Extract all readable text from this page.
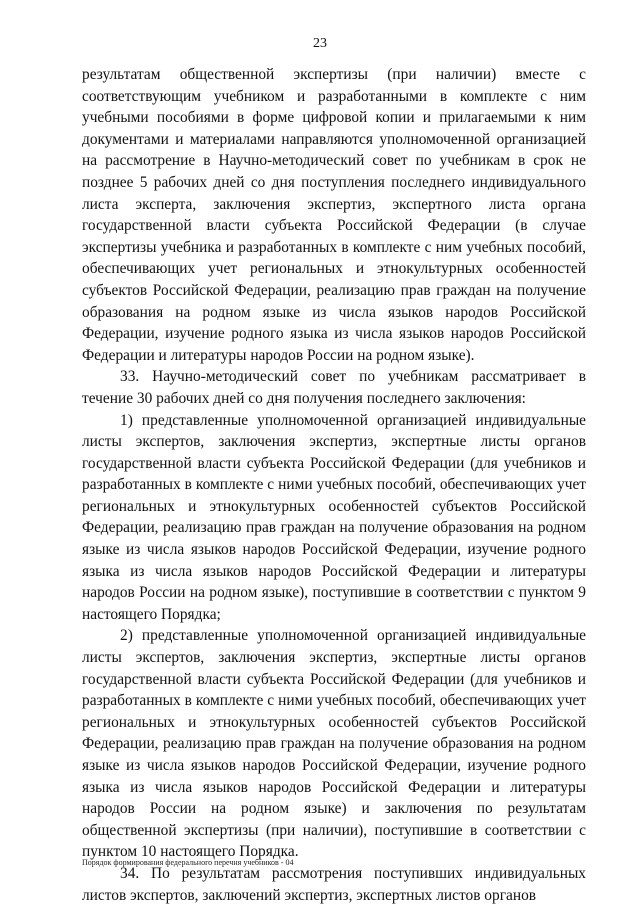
23

результатам общественной экспертизы (при наличии) вместе с соответствующим учебником и разработанными в комплекте с ним учебными пособиями в форме цифровой копии и прилагаемыми к ним документами и материалами направляются уполномоченной организацией на рассмотрение в Научно-методический совет по учебникам в срок не позднее 5 рабочих дней со дня поступления последнего индивидуального листа эксперта, заключения экспертиз, экспертного листа органа государственной власти субъекта Российской Федерации (в случае экспертизы учебника и разработанных в комплекте с ним учебных пособий, обеспечивающих учет региональных и этнокультурных особенностей субъектов Российской Федерации, реализацию прав граждан на получение образования на родном языке из числа языков народов Российской Федерации, изучение родного языка из числа языков народов Российской Федерации и литературы народов России на родном языке).

33. Научно-методический совет по учебникам рассматривает в течение 30 рабочих дней со дня получения последнего заключения:

1) представленные уполномоченной организацией индивидуальные листы экспертов, заключения экспертиз, экспертные листы органов государственной власти субъекта Российской Федерации (для учебников и разработанных в комплекте с ними учебных пособий, обеспечивающих учет региональных и этнокультурных особенностей субъектов Российской Федерации, реализацию прав граждан на получение образования на родном языке из числа языков народов Российской Федерации, изучение родного языка из числа языков народов Российской Федерации и литературы народов России на родном языке), поступившие в соответствии с пунктом 9 настоящего Порядка;

2) представленные уполномоченной организацией индивидуальные листы экспертов, заключения экспертиз, экспертные листы органов государственной власти субъекта Российской Федерации (для учебников и разработанных в комплекте с ними учебных пособий, обеспечивающих учет региональных и этнокультурных особенностей субъектов Российской Федерации, реализацию прав граждан на получение образования на родном языке из числа языков народов Российской Федерации, изучение родного языка из числа языков народов Российской Федерации и литературы народов России на родном языке) и заключения по результатам общественной экспертизы (при наличии), поступившие в соответствии с пунктом 10 настоящего Порядка.

34. По результатам рассмотрения поступивших индивидуальных листов экспертов, заключений экспертиз, экспертных листов органов

Порядок формирования федерального перечня учебников - 04
